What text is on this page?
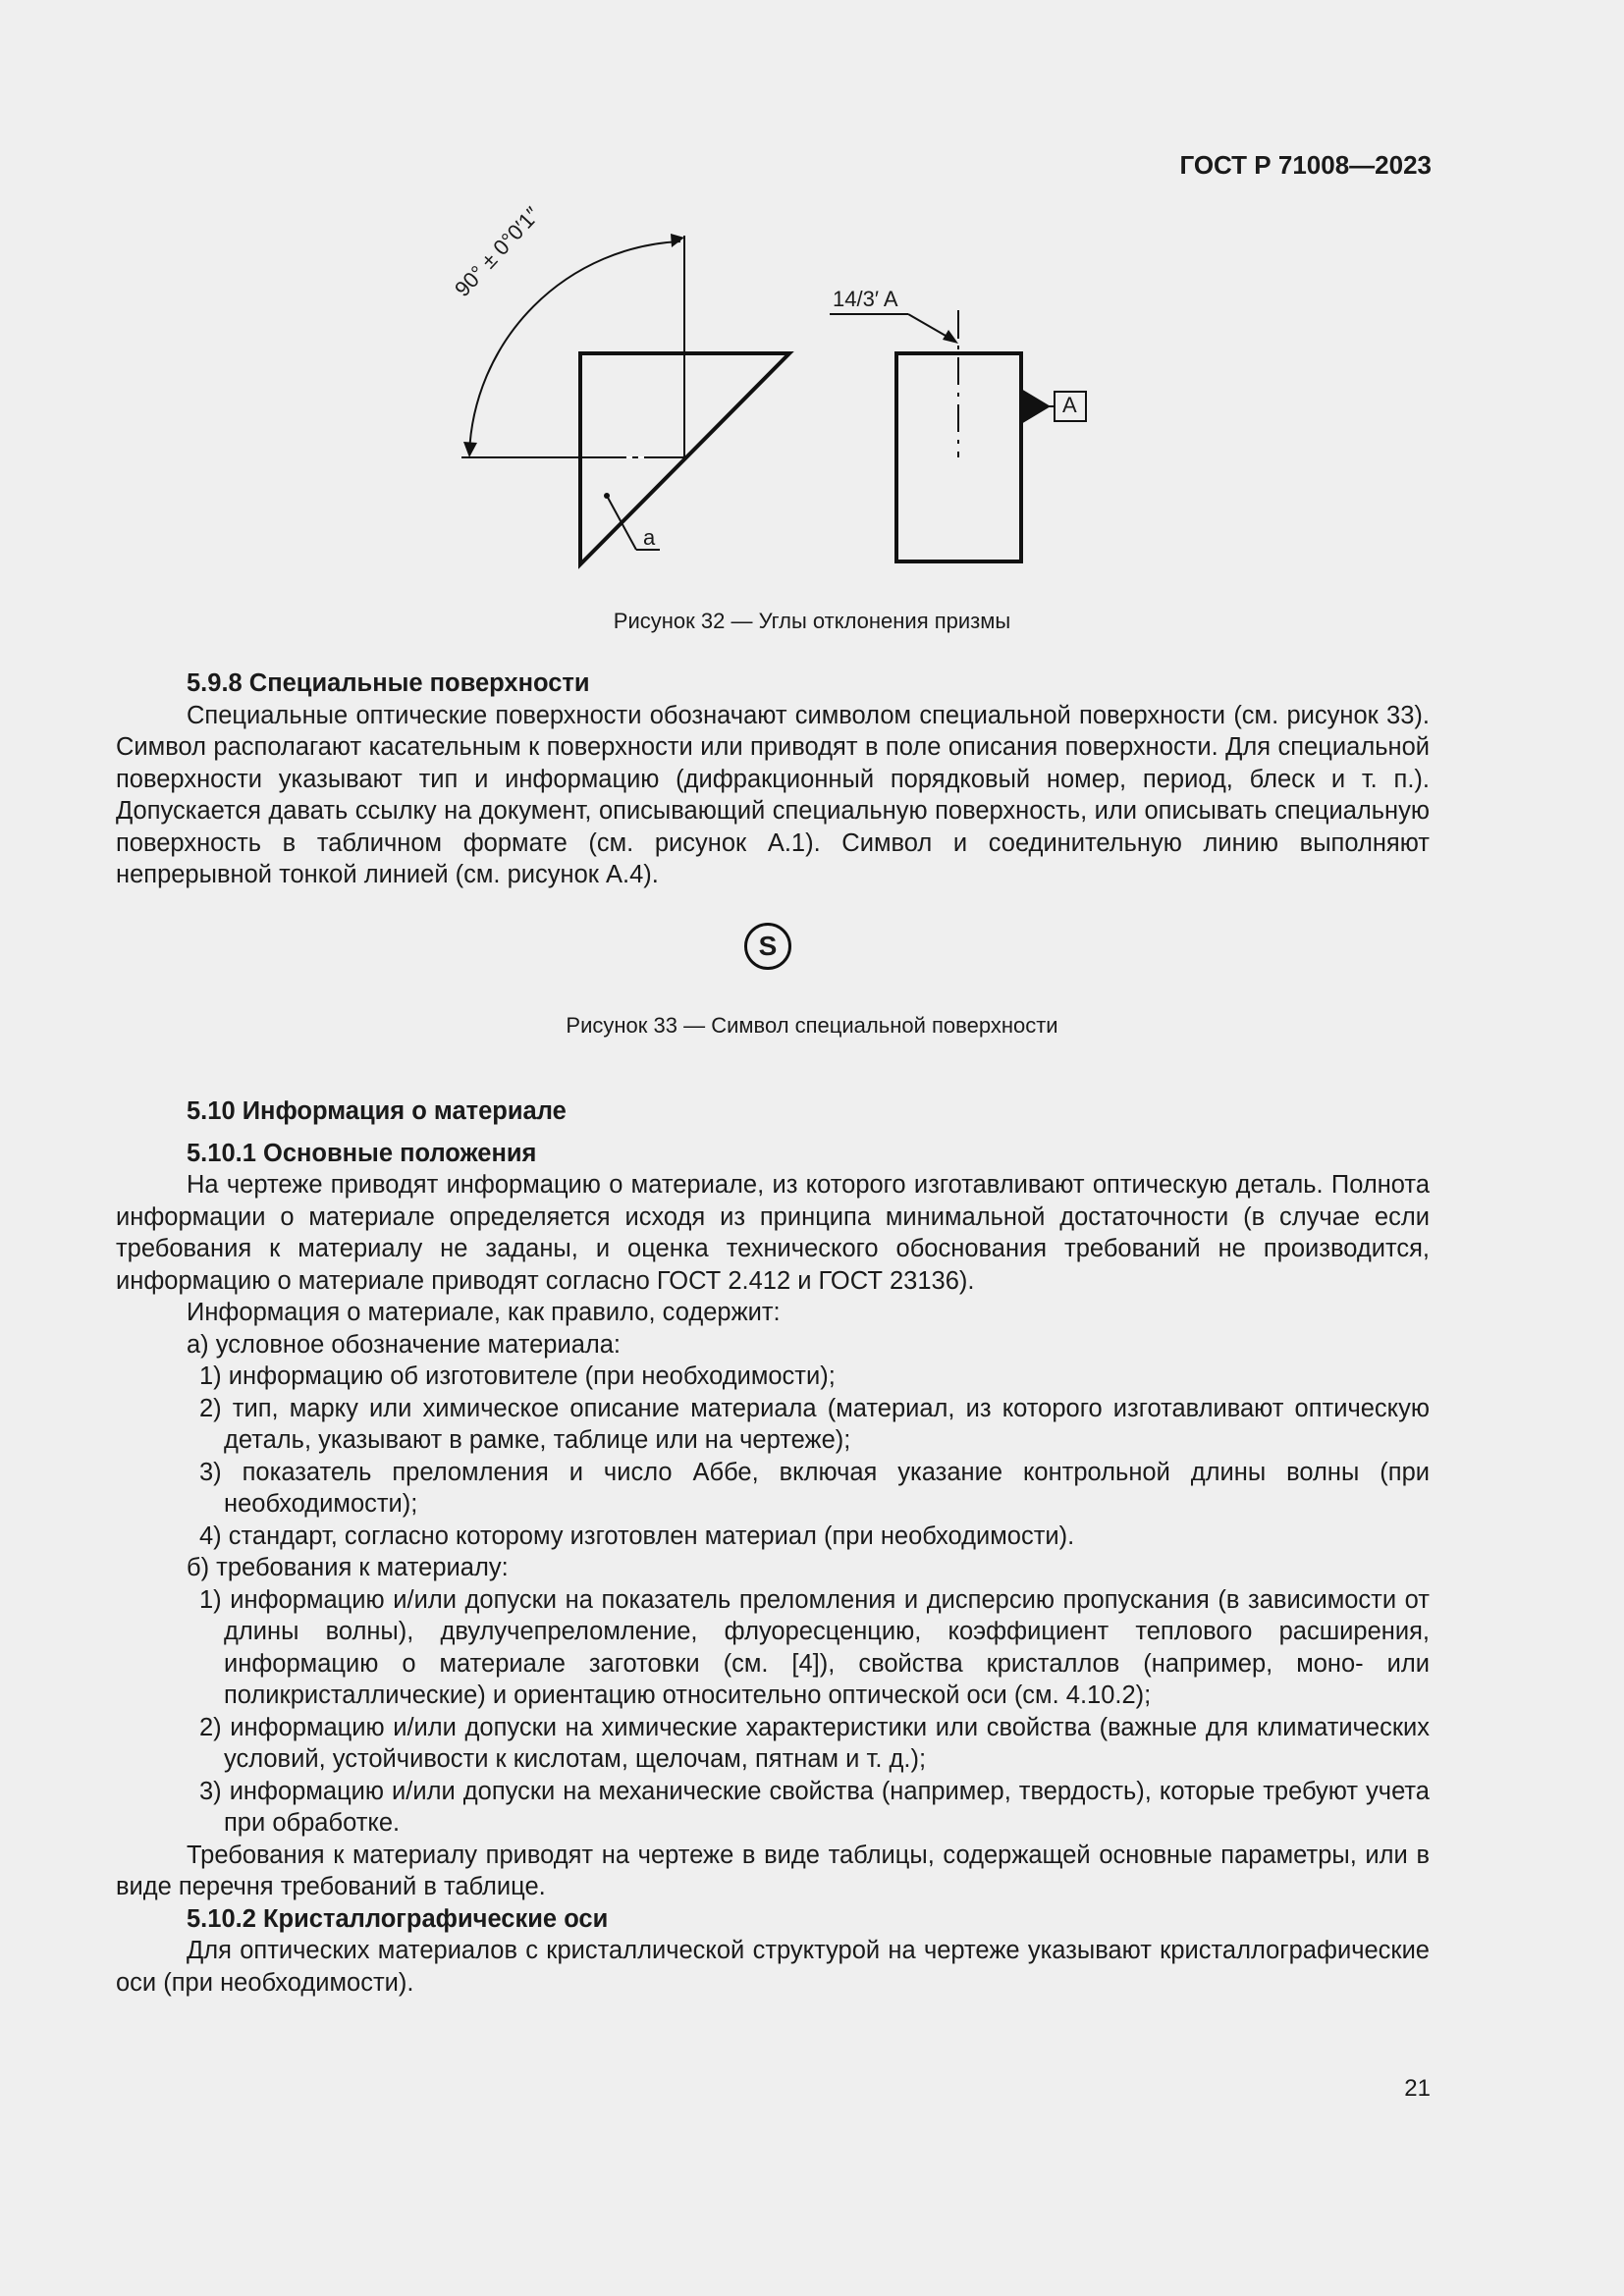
ГОСТ Р 71008—2023
90° ± 0°0′1″	14/3′ A
A
a
Рисунок 32 — Углы отклонения призмы

5.9.8 Специальные поверхности

Специальные оптические поверхности обозначают символом специальной поверхности (см. рисунок 33). Символ располагают касательным к поверхности или приводят в поле описания поверхности. Для специальной поверхности указывают тип и информацию (дифракционный порядковый номер, период, блеск и т. п.). Допускается давать ссылку на документ, описывающий специальную поверхность, или описывать специальную поверхность в табличном формате (см. рисунок А.1). Символ и соединительную линию выполняют непрерывной тонкой линией (см. рисунок А.4).

S
Рисунок 33 — Символ специальной поверхности

5.10 Информация о материале

5.10.1 Основные положения

На чертеже приводят информацию о материале, из которого изготавливают оптическую деталь. Полнота информации о материале определяется исходя из принципа минимальной достаточности (в случае если требования к материалу не заданы, и оценка технического обоснования требований не производится, информацию о материале приводят согласно ГОСТ 2.412 и ГОСТ 23136).

Информация о материале, как правило, содержит:

а) условное обозначение материала:

1) информацию об изготовителе (при необходимости);

2) тип, марку или химическое описание материала (материал, из которого изготавливают оптическую деталь, указывают в рамке, таблице или на чертеже);

3) показатель преломления и число Аббе, включая указание контрольной длины волны (при необходимости);

4) стандарт, согласно которому изготовлен материал (при необходимости).

б) требования к материалу:

1) информацию и/или допуски на показатель преломления и дисперсию пропускания (в зависимости от длины волны), двулучепреломление, флуоресценцию, коэффициент теплового расширения, информацию о материале заготовки (см. [4]), свойства кристаллов (например, моно- или поликристаллические) и ориентацию относительно оптической оси (см. 4.10.2);

2) информацию и/или допуски на химические характеристики или свойства (важные для климатических условий, устойчивости к кислотам, щелочам, пятнам и т. д.);

3) информацию и/или допуски на механические свойства (например, твердость), которые требуют учета при обработке.

Требования к материалу приводят на чертеже в виде таблицы, содержащей основные параметры, или в виде перечня требований в таблице.

5.10.2 Кристаллографические оси

Для оптических материалов с кристаллической структурой на чертеже указывают кристаллографические оси (при необходимости).

21
